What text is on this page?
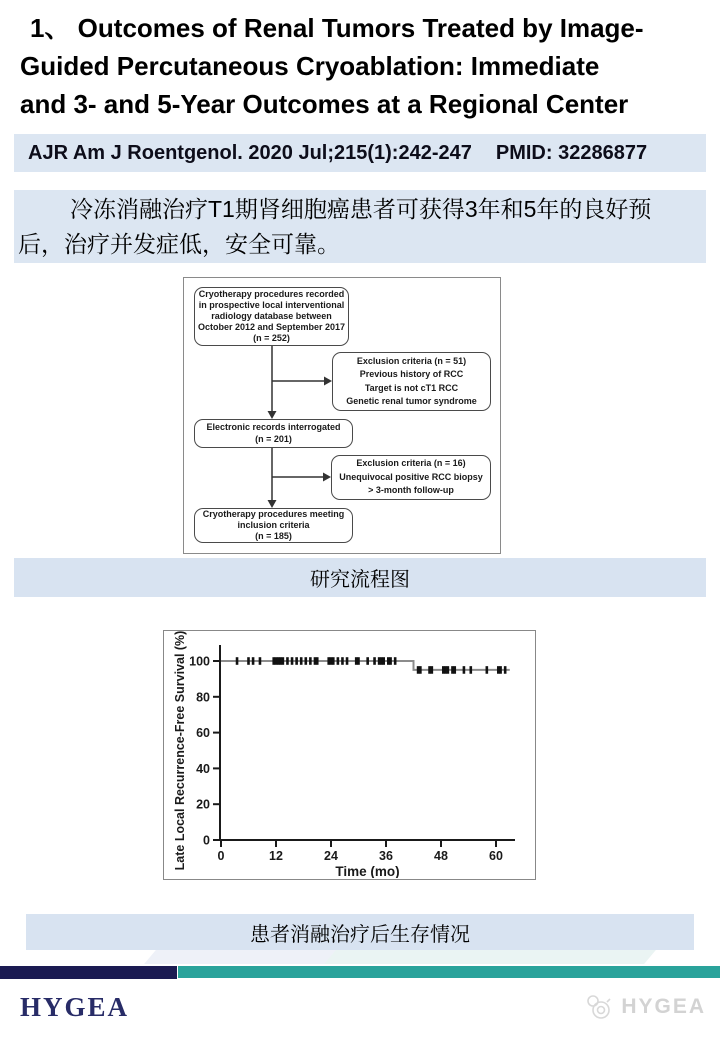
1、 Outcomes of Renal Tumors Treated by Image-
Guided Percutaneous Cryoablation: Immediate
and 3- and 5-Year Outcomes at a Regional Center
AJR Am J Roentgenol. 2020 Jul;215(1):242-247 PMID: 32286877
冷冻消融治疗T1期肾细胞癌患者可获得3年和5年的良好预
后，治疗并发症低，安全可靠。
Cryotherapy procedures recorded
in prospective local interventional
radiology database between
October 2012 and September 2017
(n = 252)
Exclusion criteria (n = 51)
Previous history of RCC
Target is not cT1 RCC
Genetic renal tumor syndrome
Electronic records interrogated
(n = 201)
Exclusion criteria (n = 16)
Unequivocal positive RCC biopsy
> 3-month follow-up
Cryotherapy procedures meeting
inclusion criteria
(n = 185)
研究流程图
0
20
40
60
80
100
0	12	24	36	48	60
Time (mo)
Late Local Recurrence-Free Survival (%)
患者消融治疗后生存情况
HYGEA	HYGEA
